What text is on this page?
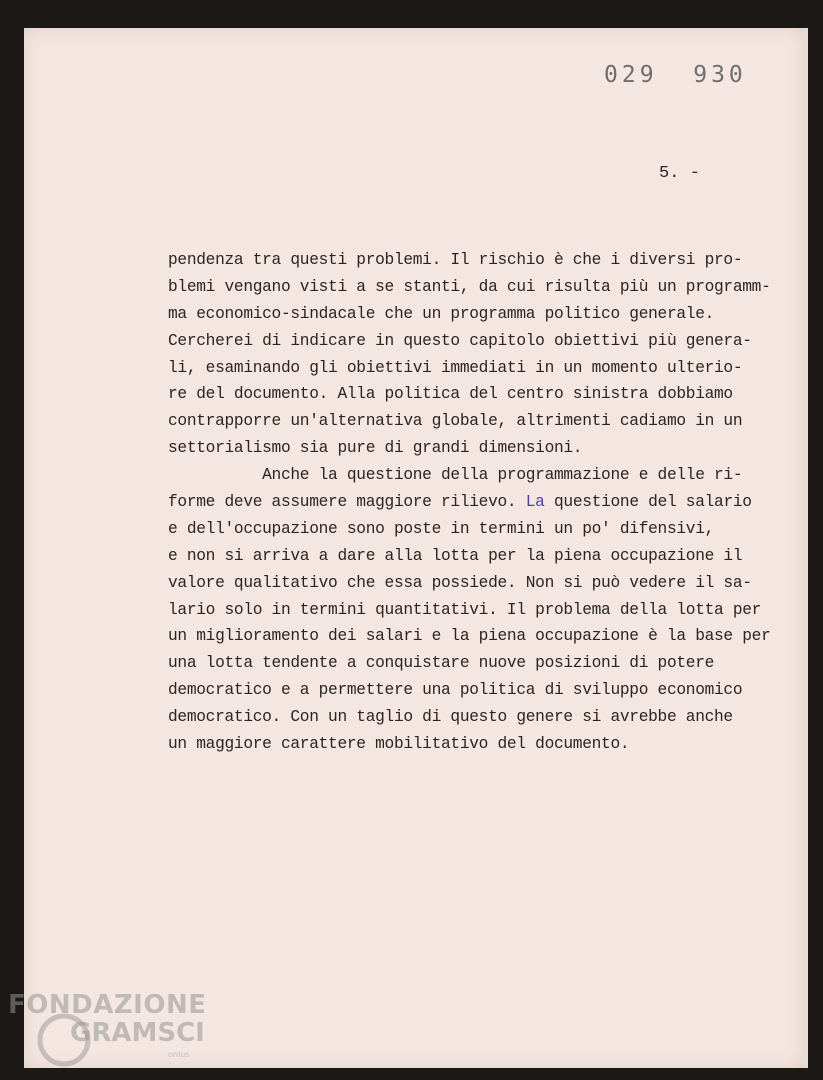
029  930
5. -
pendenza tra questi problemi. Il rischio è che i diversi pro-
blemi vengano visti a se stanti, da cui risulta più un programm-
ma economico-sindacale che un programma politico generale.
Cercherei di indicare in questo capitolo obiettivi più genera-
li, esaminando gli obiettivi immediati in un momento ulterio-
re del documento. Alla politica del centro sinistra dobbiamo
contrapporre un'alternativa globale, altrimenti cadiamo in un
settorialismo sia pure di grandi dimensioni.
Anche la questione della programmazione e delle ri-
forme deve assumere maggiore rilievo. La questione del salario
e dell'occupazione sono poste in termini un po' difensivi,
e non si arriva a dare alla lotta per la piena occupazione il
valore qualitativo che essa possiede. Non si può vedere il sa-
lario solo in termini quantitativi. Il problema della lotta per
un miglioramento dei salari e la piena occupazione è la base per
una lotta tendente a conquistare nuove posizioni di potere
democratico e a permettere una politica di sviluppo economico
democratico. Con un taglio di questo genere si avrebbe anche
un maggiore carattere mobilitativo del documento.
FONDAZIONE
GRAMSCI
onlus
